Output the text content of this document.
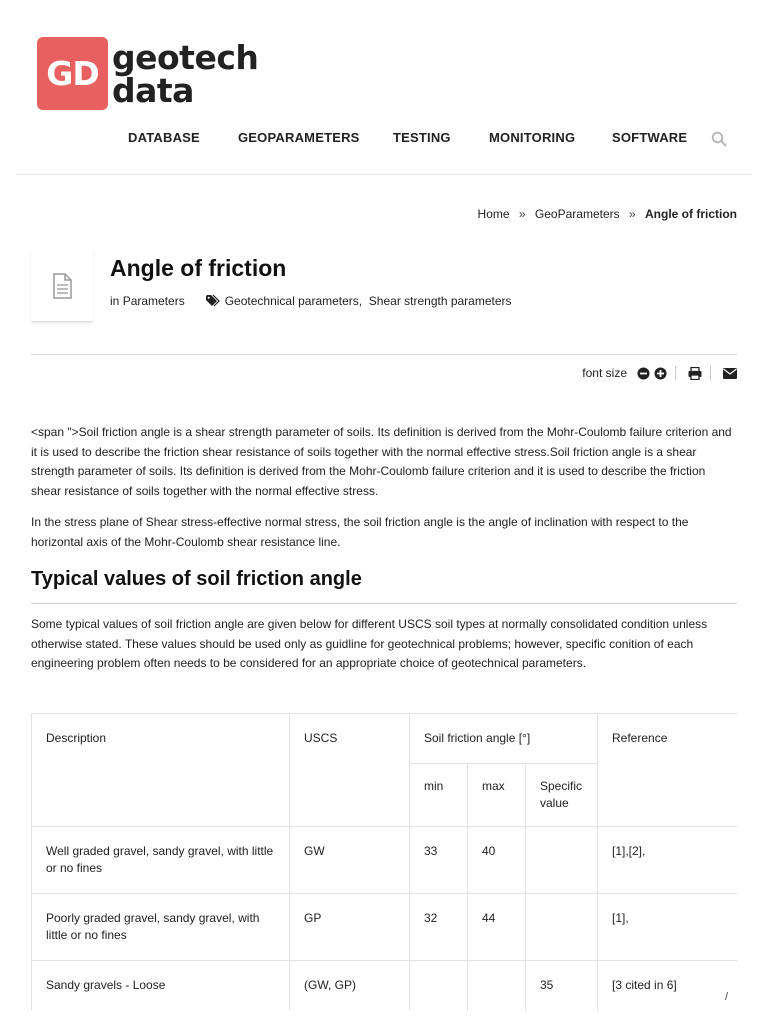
GD geotech
data
DATABASE	GEOPARAMETERS	TESTING	MONITORING	SOFTWARE
Home » GeoParameters » Angle of friction
Angle of friction
in
Parameters	Geotechnical parameters,  Shear strength parameters
font size

<span ">Soil friction angle is a shear strength parameter of soils. Its definition is derived from the Mohr-Coulomb failure criterion and it is used to describe the friction shear resistance of soils together with the normal effective stress.Soil friction angle is a shear strength parameter of soils. Its definition is derived from the Mohr-Coulomb failure criterion and it is used to describe the friction shear resistance of soils together with the normal effective stress.

In the stress plane of Shear stress-effective normal stress, the soil friction angle is the angle of inclination with respect to the horizontal axis of the Mohr-Coulomb shear resistance line.

Typical values of soil friction angle

Some typical values of soil friction angle are given below for different USCS soil types at normally consolidated condition unless otherwise stated. These values should be used only as guidline for geotechnical problems; however, specific conition of each engineering problem often needs to be considered for an appropriate choice of geotechnical parameters.

Description	USCS	Soil friction angle [°]			Reference
		min	max	Specific value	
Well graded gravel, sandy gravel, with little or no fines	GW	33	40		[1],[2],
Poorly graded gravel, sandy gravel, with little or no fines	GP	32	44		[1],
Sandy gravels - Loose	(GW, GP)			35	[3 cited in 6]
/
